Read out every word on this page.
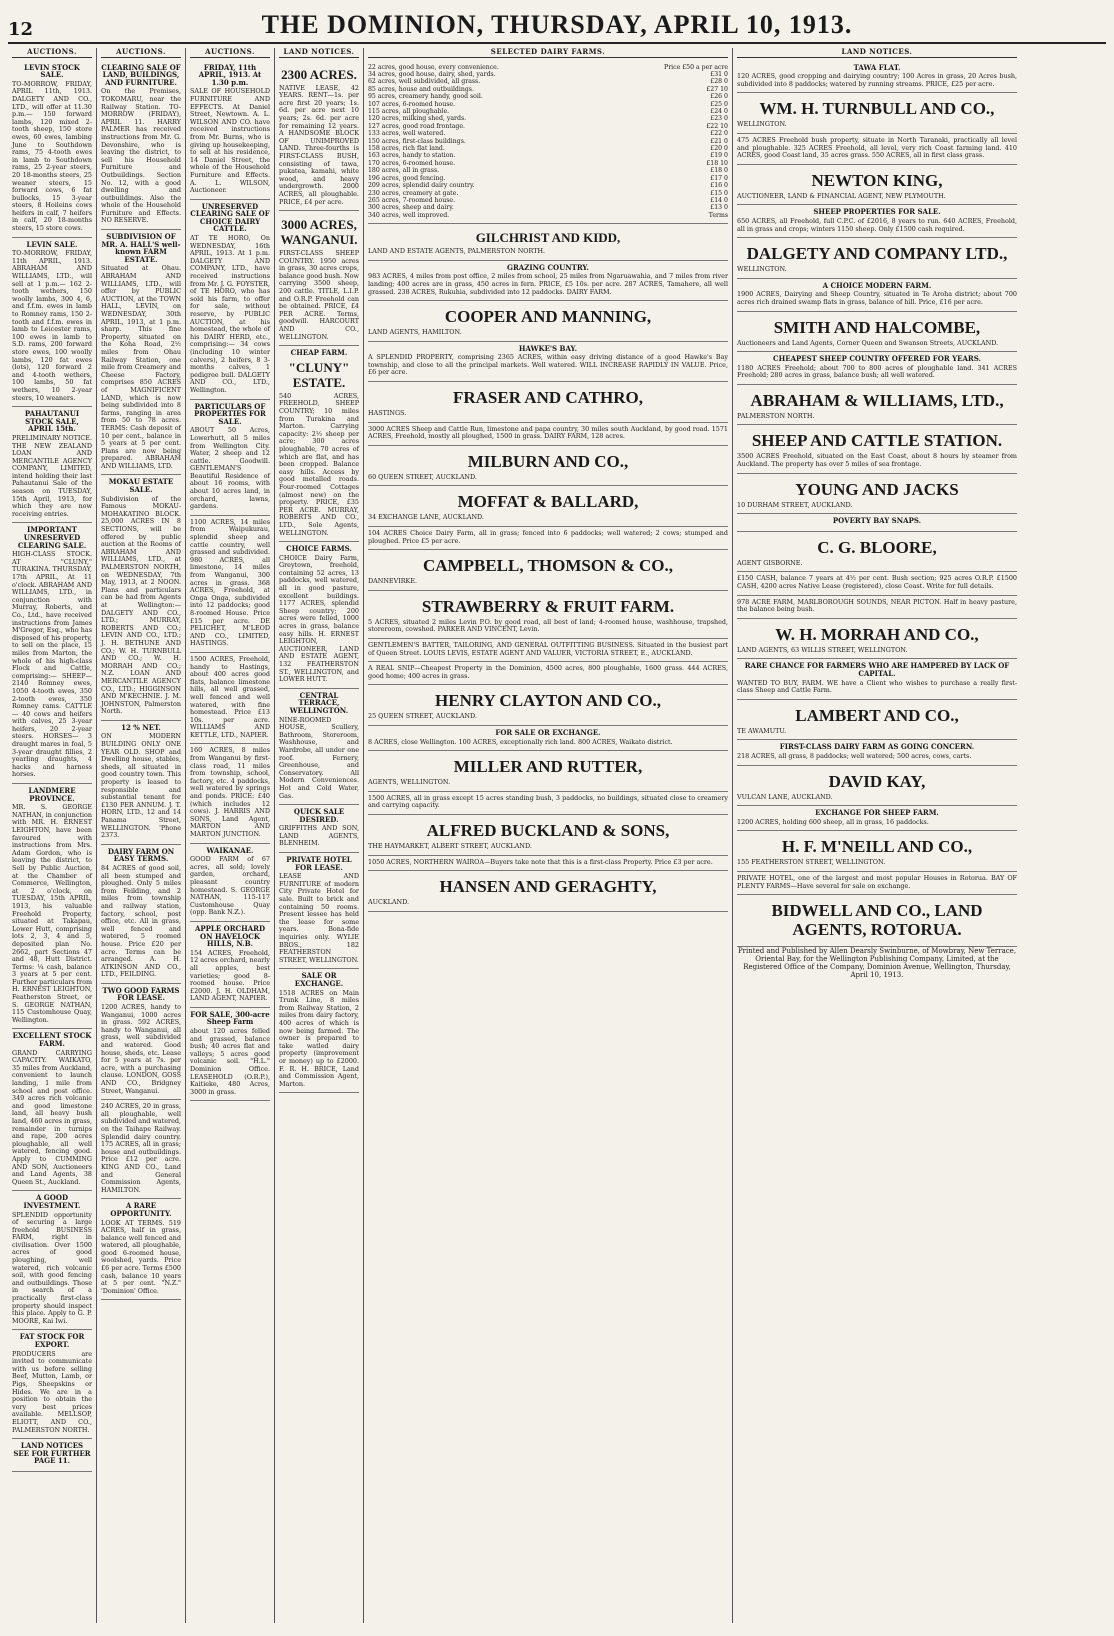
12	THE DOMINION, THURSDAY, APRIL 10, 1913.
AUCTIONS.
LEVIN STOCK SALE.
TO-MORROW, FRIDAY, APRIL 11th, 1913. DALGETY AND CO., LTD., will offer at 11.30 p.m.— 150 forward lambs, 120 mixed 2-tooth sheep, 150 store ewes, 60 ewes, lambing June to Southdown rams, 75 4-tooth ewes in lamb to Southdown rams, 25 2-year steers, 20 18-months steers, 25 weaner steers, 15 forward cows, 6 fat bullocks, 15 3-year steers, 8 Hoileins cows heifers in calf, 7 heifers in calf, 20 18-months steers, 15 store cows.
LEVIN SALE.
TO-MORROW, FRIDAY, 11th APRIL, 1913. ABRAHAM AND WILLIAMS, LTD., will sell at 1 p.m.— 162 2-tooth wethers, 150 woolly lambs, 300 4, 6, and f.f.m. ewes in lamb to Romney rams, 150 2-tooth and f.f.m. ewes in lamb to Leicester rams, 100 ewes in lamb to S.D. rams, 200 forward store ewes, 100 woolly lambs, 120 fat ewes (lots), 120 forward 2 and 4-tooth wethers, 100 lambs, 50 fat wethers, 10 2-year steers, 10 weaners.
PAHAUTANUI STOCK SALE, APRIL 15th.
PRELIMINARY NOTICE. THE NEW ZEALAND LOAN AND MERCANTILE AGENCY COMPANY, LIMITED, intend holding their last Pahautanui Sale of the season on TUESDAY, 15th April, 1913, for which they are now receiving entries.
IMPORTANT UNRESERVED CLEARING SALE.
HIGH-CLASS STOCK. AT "CLUNY," TURAKINA. THURSDAY, 17th APRIL, At 11 o'clock. ABRAHAM AND WILLIAMS, LTD., in conjunction with Murray, Roberts, and Co., Ltd., have received instructions from James M'Gregor, Esq., who has disposed of his property, to sell on the place, 15 miles from Marton, the whole of his high-class Flock and Cattle, comprising:— SHEEP— 2140 Romney ewes, 1050 4-tooth ewes, 350 2-tooth ewes, 350 Romney rams. CATTLE— 40 cows and heifers with calves, 25 3-year heifers, 20 2-year steers. HORSES— 3 draught mares in foal, 5 3-year draught fillies, 2 yearling draughts, 4 hacks and harness horses.
LANDMERE PROVINCE.
MR. S. GEORGE NATHAN, in conjunction with MR. H. ERNEST LEIGHTON, have been favoured with instructions from Mrs. Adam Gordon, who is leaving the district, to Sell by Public Auction, at the Chamber of Commerce, Wellington, at 2 o'clock, on TUESDAY, 15th APRIL, 1913, his valuable Freehold Property, situated at Takapau, Lower Hutt, comprising lots 2, 3, 4 and 5, deposited plan No. 2662, part Sections 47 and 48, Hutt District. Terms: ¼ cash, balance 3 years at 5 per cent. Further particulars from H. ERNEST LEIGHTON, Featherston Street, or S. GEORGE NATHAN, 115 Customhouse Quay, Wellington.
EXCELLENT STOCK FARM.
GRAND CARRYING CAPACITY. WAIKATO, 35 miles from Auckland, convenient to launch landing, 1 mile from school and post office. 349 acres rich volcanic and good limestone land, all heavy bush land, 460 acres in grass, remainder in turnips and rape, 200 acres ploughable, all well watered, fencing good. Apply to CUMMING AND SON, Auctioneers and Land Agents, 38 Queen St., Auckland.
A GOOD INVESTMENT.
SPLENDID opportunity of securing a large freehold BUSINESS FARM, right in civilisation. Over 1500 acres of good ploughing, well watered, rich volcanic soil, with good fencing and outbuildings. Those in search of a practically first-class property should inspect this place. Apply to G. P. MOORE, Kai Iwi.
FAT STOCK FOR EXPORT.
PRODUCERS are invited to communicate with us before selling Beef, Mutton, Lamb, or Pigs, Sheepskins or Hides. We are in a position to obtain the very best prices available. MELLSOP, ELIOTT, AND CO., PALMERSTON NORTH.
LAND NOTICES SEE FOR FURTHER PAGE 11.
AUCTIONS.
CLEARING SALE OF LAND, BUILDINGS, AND FURNITURE.
On the Premises, TOKOMARU, near the Railway Station. TO-MORROW (FRIDAY), APRIL 11. HARRY PALMER has received instructions from Mr. G. Devonshire, who is leaving the district, to sell his Household Furniture and Outbuildings. Section No. 12, with a good dwelling and outbuildings. Also the whole of the Household Furniture and Effects. NO RESERVE.
SUBDIVISION OF MR. A. HALL'S well-known FARM ESTATE.
Situated at Ohau. ABRAHAM AND WILLIAMS, LTD., will offer by PUBLIC AUCTION, at the TOWN HALL, LEVIN, on WEDNESDAY, 30th APRIL, 1913, at 1 p.m. sharp. This fine Property, situated on the Koha Road, 2½ miles from Ohau Railway Station, one mile from Creamery and Cheese Factory, comprises 850 ACRES of MAGNIFICENT LAND, which is now being subdivided into 8 farms, ranging in area from 50 to 78 acres. TERMS: Cash deposit of 10 per cent., balance in 5 years at 5 per cent. Plans are now being prepared. ABRAHAM AND WILLIAMS, LTD.
MOKAU ESTATE SALE.
Subdivision of the Famous MOKAU-MOHAKATINO BLOCK. 25,000 ACRES IN 8 SECTIONS, will be offered by public auction at the Rooms of ABRAHAM AND WILLIAMS, LTD., at PALMERSTON NORTH, on WEDNESDAY, 7th May, 1913, at 2 NOON. Plans and particulars can be had from Agents at Wellington:— DALGETY AND CO., LTD.; MURRAY, ROBERTS AND CO.; LEVIN AND CO., LTD.; J. H. BETHUNE AND CO.; W. H. TURNBULL AND CO.; W. H. MORRAH AND CO.; N.Z. LOAN AND MERCANTILE AGENCY CO., LTD.; HIGGINSON AND M'KECHNIE. J. M. JOHNSTON, Palmerston North.
12 % NET.
ON MODERN BUILDING ONLY ONE YEAR OLD. SHOP and Dwelling house, stables, sheds, all situated in good country town. This property is leased to responsible and substantial tenant for £130 PER ANNUM. J. T. HORN, LTD., 12 and 14 Panama Street, WELLINGTON. 'Phone 2373.
DAIRY FARM ON EASY TERMS.
84 ACRES of good soil, all been stumped and ploughed. Only 5 miles from Feilding, and 2 miles from township and railway station, factory, school, post office, etc. All in grass, well fenced and watered, 5 roomed house. Price £20 per acre. Terms can be arranged. A. H. ATKINSON AND CO., LTD., FEILDING.
TWO GOOD FARMS FOR LEASE.
1200 ACRES, handy to Wanganui, 1000 acres in grass. 592 ACRES, handy to Wanganui, all grass, well subdivided and watered. Good house, sheds, etc. Lease for 5 years at 7s. per acre, with a purchasing clause. LONDON, GOSS AND CO., Bridgney Street, Wanganui.
240 ACRES, 20 in grass, all ploughable, well subdivided and watered, on the Taihape Railway. Splendid dairy country. 175 ACRES, all in grass; house and outbuildings. Price £12 per acre. KING AND CO., Land and General Commission Agents, HAMILTON.
A RARE OPPORTUNITY.
LOOK AT TERMS. 519 ACRES, half in grass, balance well fenced and watered, all ploughable, good 6-roomed house, woolshed, yards. Price £6 per acre. Terms £500 cash, balance 10 years at 5 per cent. "N.Z." 'Dominion' Office.
AUCTIONS.
FRIDAY, 11th APRIL, 1913. At 1.30 p.m.
SALE OF HOUSEHOLD FURNITURE AND EFFECTS. At Daniel Street, Newtown. A. L. WILSON AND CO. have received instructions from Mr. Burns, who is giving up housekeeping, to sell at his residence, 14 Daniel Street, the whole of the Household Furniture and Effects. A. L. WILSON, Auctioneer.
UNRESERVED CLEARING SALE OF CHOICE DAIRY CATTLE.
AT TE HORO, On WEDNESDAY, 16th APRIL, 1913. At 1 p.m. DALGETY AND COMPANY, LTD., have received instructions from Mr. J. G. FOYSTER, of TE HORO, who has sold his farm, to offer for sale, without reserve, by PUBLIC AUCTION, at his homestead, the whole of his DAIRY HERD, etc., comprising:— 34 cows (including 10 winter calvers), 2 heifers, 8 3-months calves, 1 pedigree bull. DALGETY AND CO., LTD., Wellington.
PARTICULARS OF PROPERTIES FOR SALE.
ABOUT 50 Acres, Lowerhutt, all 5 miles from Wellington City. Water, 2 sheep and 12 cattle. Goodwill. GENTLEMAN'S Beautiful Residence of about 16 rooms, with about 10 acres land, in orchard, lawns, gardens.
1100 ACRES, 14 miles from Waipukurau, splendid sheep and cattle country, well grassed and subdivided. 980 ACRES, all limestone, 14 miles from Wanganui, 300 acres in grass. 368 ACRES, Freehold, at Onga Onga, subdivided into 12 paddocks; good 8-roomed House. Price £15 per acre. DE PELICHET, M'LEOD AND CO., LIMITED, HASTINGS.
1500 ACRES, Freehold, handy to Hastings, about 400 acres good flats, balance limestone hills, all well grassed, well fenced and well watered, with fine homestead. Price £13 10s. per acre. WILLIAMS AND KETTLE, LTD., NAPIER.
160 ACRES, 8 miles from Wanganui by first-class road, 11 miles from township, school, factory, etc. 4 paddocks, well watered by springs and ponds. PRICE: £40 (which includes 12 cows). J. HARRIS AND SONS, Land Agent, MARTON AND MARTON JUNCTION.
WAIKANAE.
GOOD FARM of 67 acres, all sold; lovely garden, orchard, pleasant country homestead. S. GEORGE NATHAN, 115-117 Customhouse Quay (opp. Bank N.Z.).
APPLE ORCHARD ON HAVELOCK HILLS, N.B.
154 ACRES, Freehold, 12 acres orchard, nearly all apples, best varieties; good 8-roomed house. Price £2000. J. H. OLDHAM, LAND AGENT, NAPIER.
FOR SALE, 300-acre Sheep Farm
about 120 acres felled and grassed, balance bush; 40 acres flat and valleys; 5 acres good volcanic soil. "H.L." Dominion Office. LEASEHOLD (O.R.P.), Kaitieke, 480 Acres, 3000 in grass.
LAND NOTICES.
2300 ACRES.
NATIVE LEASE, 42 YEARS. RENT—1s. per acre first 20 years; 1s. 6d. per acre next 10 years; 2s. 6d. per acre for remaining 12 years. A HANDSOME BLOCK OF UNIMPROVED LAND. Three-fourths is FIRST-CLASS BUSH, consisting of tawa, pukatea, kamahi, white wood, and heavy undergrowth. 2000 ACRES, all ploughable. PRICE, £4 per acre.
3000 ACRES, WANGANUI.
FIRST-CLASS SHEEP COUNTRY. 1950 acres in grass, 30 acres crops, balance good bush. Now carrying 3500 sheep, 200 cattle. TITLE, L.I.P. and O.R.P. Freehold can be obtained. PRICE, £4 PER ACRE. Terms, goodwill. HARCOURT AND CO., WELLINGTON.
CHEAP FARM.
"CLUNY" ESTATE.
540 ACRES, FREEHOLD, SHEEP COUNTRY; 10 miles from Turakina and Marton. Carrying capacity: 2½ sheep per acre; 300 acres ploughable, 70 acres of which are flat, and has been cropped. Balance easy hills. Access by good metalled roads. Four-roomed Cottages (almost new) on the property. PRICE, £35 PER ACRE. MURRAY, ROBERTS AND CO., LTD., Sole Agents, WELLINGTON.
CHOICE FARMS.
CHOICE Dairy Farm, Greytown, freehold, containing 52 acres, 13 paddocks, well watered, all in good pasture, excellent buildings. 1177 ACRES, splendid Sheep country; 200 acres were felled, 1000 acres in grass, balance easy hills. H. ERNEST LEIGHTON, AUCTIONEER, LAND AND ESTATE AGENT, 132 FEATHERSTON ST., WELLINGTON, and LOWER HUTT.
CENTRAL TERRACE, WELLINGTON.
NINE-ROOMED HOUSE, Scullery, Bathroom, Storeroom, Washhouse, and Wardrobe, all under one roof. Fernery, Greenhouse, and Conservatory. All Modern Conveniences. Hot and Cold Water, Gas.
QUICK SALE DESIRED.
GRIFFITHS AND SON, LAND AGENTS, BLENHEIM.
PRIVATE HOTEL FOR LEASE.
LEASE AND FURNITURE of modern City Private Hotel for sale. Built to brick and containing 50 rooms. Present lessee has held the lease for some years. Bona-fide inquiries only. WYLIE BROS., 182 FEATHERSTON STREET, WELLINGTON.
SALE OR EXCHANGE.
1518 ACRES on Main Trunk Line, 8 miles from Railway Station, 2 miles from dairy factory, 400 acres of which is now being farmed. The owner is prepared to take watled dairy property (improvement or money) up to £2000. F. R. H. BRICE, Land and Commission Agent, Marton.
SELECTED DAIRY FARMS.
22 acres, good house, every convenience.	Price £50 a per acre
34 acres, good house, dairy, shed, yards.	£31 0
62 acres, well subdivided, all grass.	£28 0
85 acres, house and outbuildings.	£27 10
95 acres, creamery handy, good soil.	£26 0
107 acres, 6-roomed house.	£25 0
115 acres, all ploughable.	£24 0
120 acres, milking shed, yards.	£23 0
127 acres, good road frontage.	£22 10
133 acres, well watered.	£22 0
150 acres, first-class buildings.	£21 0
158 acres, rich flat land.	£20 0
163 acres, handy to station.	£19 0
170 acres, 6-roomed house.	£18 10
180 acres, all in grass.	£18 0
196 acres, good fencing.	£17 0
209 acres, splendid dairy country.	£16 0
230 acres, creamery at gate.	£15 0
265 acres, 7-roomed house.	£14 0
300 acres, sheep and dairy.	£13 0
340 acres, well improved.	Terms
GILCHRIST AND KIDD,
LAND AND ESTATE AGENTS, PALMERSTON NORTH.
GRAZING COUNTRY.
983 ACRES, 4 miles from post office, 2 miles from school, 25 miles from Ngaruawahia, and 7 miles from river landing; 400 acres are in grass, 450 acres in fern. PRICE, £5 10s. per acre. 287 ACRES, Tamahere, all well grassed. 238 ACRES, Rukuhia, subdivided into 12 paddocks. DAIRY FARM.
COOPER AND MANNING,
LAND AGENTS, HAMILTON.
HAWKE'S BAY.
A SPLENDID PROPERTY, comprising 2365 ACRES, within easy driving distance of a good Hawke's Bay township, and close to all the principal markets. Well watered. WILL INCREASE RAPIDLY IN VALUE. Price, £6 per acre.
FRASER AND CATHRO,
HASTINGS.
3000 ACRES Sheep and Cattle Run, limestone and papa country, 30 miles south Auckland, by good road. 1571 ACRES, Freehold, mostly all ploughed, 1500 in grass. DAIRY FARM, 128 acres.
MILBURN AND CO.,
60 QUEEN STREET, AUCKLAND.
MOFFAT & BALLARD,
34 EXCHANGE LANE, AUCKLAND.
104 ACRES Choice Dairy Farm, all in grass; fenced into 6 paddocks; well watered; 2 cows; stumped and ploughed. Price £5 per acre.
CAMPBELL, THOMSON & CO.,
DANNEVIRKE.
STRAWBERRY & FRUIT FARM.
5 ACRES, situated 2 miles Levin P.O. by good road, all best of land; 4-roomed house, washhouse, trapshed, storeroom, cowshed. PARKER AND VINCENT, Levin.
GENTLEMEN'S BATTER, TAILORING, AND GENERAL OUTFITTING BUSINESS. Situated in the busiest part of Queen Street. LOUIS LEVIS, ESTATE AGENT AND VALUER, VICTORIA STREET, E., AUCKLAND.
A REAL SNIP—Cheapest Property in the Dominion, 4500 acres, 800 ploughable, 1600 grass. 444 ACRES, good home; 400 acres in grass.
HENRY CLAYTON AND CO.,
25 QUEEN STREET, AUCKLAND.
FOR SALE OR EXCHANGE.
8 ACRES, close Wellington. 100 ACRES, exceptionally rich land. 800 ACRES, Waikato district.
MILLER AND RUTTER,
AGENTS, WELLINGTON.
1500 ACRES, all in grass except 15 acres standing bush, 3 paddocks, no buildings, situated close to creamery and carrying capacity.
ALFRED BUCKLAND & SONS,
THE HAYMARKET, ALBERT STREET, AUCKLAND.
1050 ACRES, NORTHERN WAIROA—Buyers take note that this is a first-class Property. Price £3 per acre.
HANSEN AND GERAGHTY,
AUCKLAND.
LAND NOTICES.
TAWA FLAT.
120 ACRES, good cropping and dairying country; 100 Acres in grass, 20 Acres bush, subdivided into 8 paddocks; watered by running streams. PRICE, £25 per acre.
WM. H. TURNBULL AND CO.,
WELLINGTON.
475 ACRES Freehold bush property, situate in North Taranaki, practically all level and ploughable. 325 ACRES Freehold, all level, very rich Coast farming land. 410 ACRES, good Coast land, 35 acres grass. 550 ACRES, all in first class grass.
NEWTON KING,
AUCTIONEER, LAND & FINANCIAL AGENT, NEW PLYMOUTH.
SHEEP PROPERTIES FOR SALE.
650 ACRES, all Freehold, full C.P.C. of £2016, 8 years to run. 640 ACRES, Freehold, all in grass and crops; winters 1150 sheep. Only £1500 cash required.
DALGETY AND COMPANY LTD.,
WELLINGTON.
A CHOICE MODERN FARM.
1900 ACRES, Dairying and Sheep Country, situated in Te Aroha district; about 700 acres rich drained swamp flats in grass, balance of hill. Price, £16 per acre.
SMITH AND HALCOMBE,
Auctioneers and Land Agents, Corner Queen and Swanson Streets, AUCKLAND.
CHEAPEST SHEEP COUNTRY OFFERED FOR YEARS.
1180 ACRES Freehold; about 700 to 800 acres of ploughable land. 341 ACRES Freehold; 280 acres in grass, balance bush; all well watered.
ABRAHAM & WILLIAMS, LTD.,
PALMERSTON NORTH.
SHEEP AND CATTLE STATION.
3500 ACRES Freehold, situated on the East Coast, about 8 hours by steamer from Auckland. The property has over 5 miles of sea frontage.
YOUNG AND JACKS
10 DURHAM STREET, AUCKLAND.
POVERTY BAY SNAPS.
C. G. BLOORE,
AGENT GISBORNE.
£150 CASH, balance 7 years at 4½ per cent. Bush section; 925 acres O.R.P. £1500 CASH, 4200 acres Native Lease (registered), close Coast. Write for full details.
978 ACRE FARM, MARLBOROUGH SOUNDS, NEAR PICTON. Half in heavy pasture, the balance being bush.
W. H. MORRAH AND CO.,
LAND AGENTS, 63 WILLIS STREET, WELLINGTON.
RARE CHANCE FOR FARMERS WHO ARE HAMPERED BY LACK OF CAPITAL.
WANTED TO BUY, FARM. WE have a Client who wishes to purchase a really first-class Sheep and Cattle Farm.
LAMBERT AND CO.,
TE AWAMUTU.
FIRST-CLASS DAIRY FARM AS GOING CONCERN.
218 ACRES, all grass, 8 paddocks; well watered; 500 acres, cows, carts.
DAVID KAY,
VULCAN LANE, AUCKLAND.
EXCHANGE FOR SHEEP FARM.
1200 ACRES, holding 600 sheep, all in grass, 16 paddocks.
H. F. M'NEILL AND CO.,
155 FEATHERSTON STREET, WELLINGTON.
PRIVATE HOTEL, one of the largest and most popular Houses in Rotorua. BAY OF PLENTY FARMS—Have several for sale on exchange.
BIDWELL AND CO., LAND AGENTS, ROTORUA.
Printed and Published by Allen Dearsly Swinburne, of Mowbray, New Terrace, Oriental Bay, for the Wellington Publishing Company, Limited, at the Registered Office of the Company, Dominion Avenue, Wellington, Thursday, April 10, 1913.
